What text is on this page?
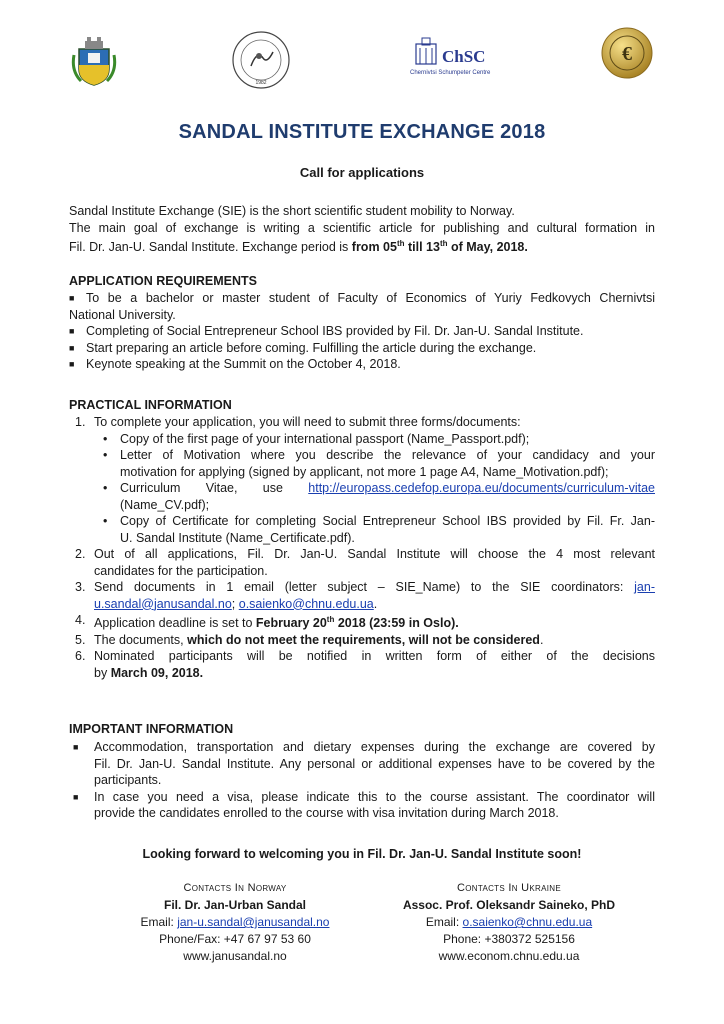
1982
ChSC
Chernivtsi Schumpeter Centre
€
SANDAL INSTITUTE EXCHANGE 2018
Call for applications
Sandal Institute Exchange (SIE) is the short scientific student mobility to Norway.
The main goal of exchange is writing a scientific article for publishing and cultural formation in
Fil. Dr. Jan-U. Sandal Institute. Exchange period is from 05th till 13th of May, 2018.
APPLICATION REQUIREMENTS
■ To be a bachelor or master student of Faculty of Economics of Yuriy Fedkovych Chernivtsi
National University.
■ Completing of Social Entrepreneur School IBS provided by Fil. Dr. Jan-U. Sandal Institute.
■ Start preparing an article before coming. Fulfilling the article during the exchange.
■ Keynote speaking at the Summit on the October 4, 2018.
PRACTICAL INFORMATION
1. To complete your application, you will need to submit three forms/documents:
• Copy of the first page of your international passport (Name_Passport.pdf);
• Letter of Motivation where you describe the relevance of your candidacy and your
motivation for applying (signed by applicant, not more 1 page A4, Name_Motivation.pdf);
• Curriculum Vitae, use http://europass.cedefop.europa.eu/documents/curriculum-vitae
(Name_CV.pdf);
• Copy of Certificate for completing Social Entrepreneur School IBS provided by Fil. Fr. Jan-
U. Sandal Institute (Name_Certificate.pdf).
2. Out of all applications, Fil. Dr. Jan-U. Sandal Institute will choose the 4 most relevant
candidates for the participation.
3. Send documents in 1 email (letter subject – SIE_Name) to the SIE coordinators: jan-
u.sandal@janusandal.no; o.saienko@chnu.edu.ua.
4. Application deadline is set to February 20th 2018 (23:59 in Oslo).
5. The documents, which do not meet the requirements, will not be considered.
6. Nominated participants will be notified in written form of either of the decisions
by March 09, 2018.
IMPORTANT INFORMATION
■ Accommodation, transportation and dietary expenses during the exchange are covered by
Fil. Dr. Jan-U. Sandal Institute. Any personal or additional expenses have to be covered by the
participants.
■ In case you need a visa, please indicate this to the course assistant. The coordinator will
provide the candidates enrolled to the course with visa invitation during March 2018.
Looking forward to welcoming you in Fil. Dr. Jan-U. Sandal Institute soon!
Contacts In Norway
Fil. Dr. Jan-Urban Sandal
Email: jan-u.sandal@janusandal.no
Phone/Fax: +47 67 97 53 60
www.janusandal.no
Contacts In Ukraine
Assoc. Prof. Oleksandr Saineko, PhD
Email: o.saienko@chnu.edu.ua
Phone: +380372 525156
www.econom.chnu.edu.ua
